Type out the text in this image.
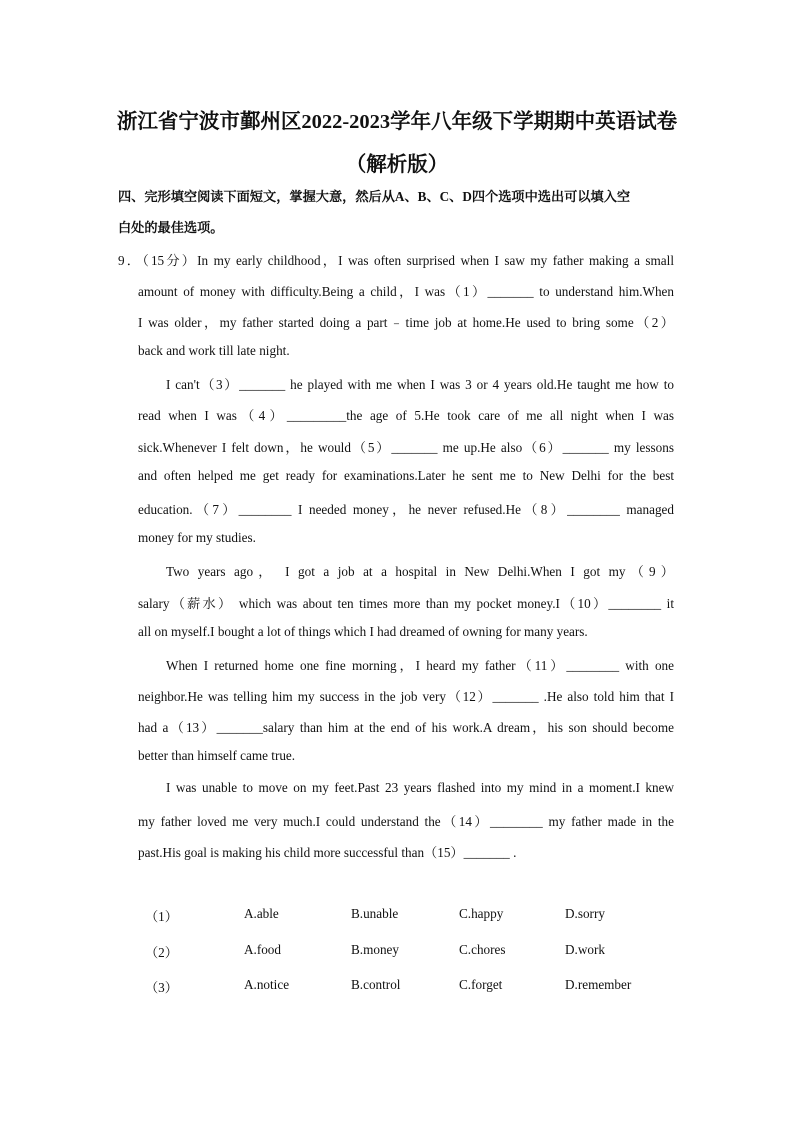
浙江省宁波市鄞州区2022-2023学年八年级下学期期中英语试卷
（解析版）
四、完形填空阅读下面短文，掌握大意，然后从A、B、C、D四个选项中选出可以填入空
白处的最佳选项。
9．（15分）In my early childhood，I was often surprised when I saw my father making a small
amount of money with difficulty.Being a child，I was（1）_______ to understand him.When
I was older，my father started doing a part﹣time job at home.He used to bring some（2）
back and work till late night.
I can't（3）_______ he played with me when I was 3 or 4 years old.He taught me how to
read when I was（4）_________the age of 5.He took care of me all night when I was
sick.Whenever I felt down，he would（5）_______ me up.He also（6）_______ my lessons
and often helped me get ready for examinations.Later he sent me to New Delhi for the best
education.（7）________ I needed money，he never refused.He（8）________ managed
money for my studies.
Two years ago， I got a job at a hospital in New Delhi.When I got my（9）
salary（薪水） which was about ten times more than my pocket money.I（10）________ it
all on myself.I bought a lot of things which I had dreamed of owning for many years.
When I returned home one fine morning，I heard my father（11）________ with one
neighbor.He was telling him my success in the job very（12）_______ .He also told him that I
had a（13）_______salary than him at the end of his work.A dream，his son should become
better than himself came true.
I was unable to move on my feet.Past 23 years flashed into my mind in a moment.I knew
my father loved me very much.I could understand the（14）________ my father made in the
past.His goal is making his child more successful than（15）_______ .
（1）	A.able	B.unable	C.happy	D.sorry
（2）	A.food	B.money	C.chores	D.work
（3）	A.notice	B.control	C.forget	D.remember
